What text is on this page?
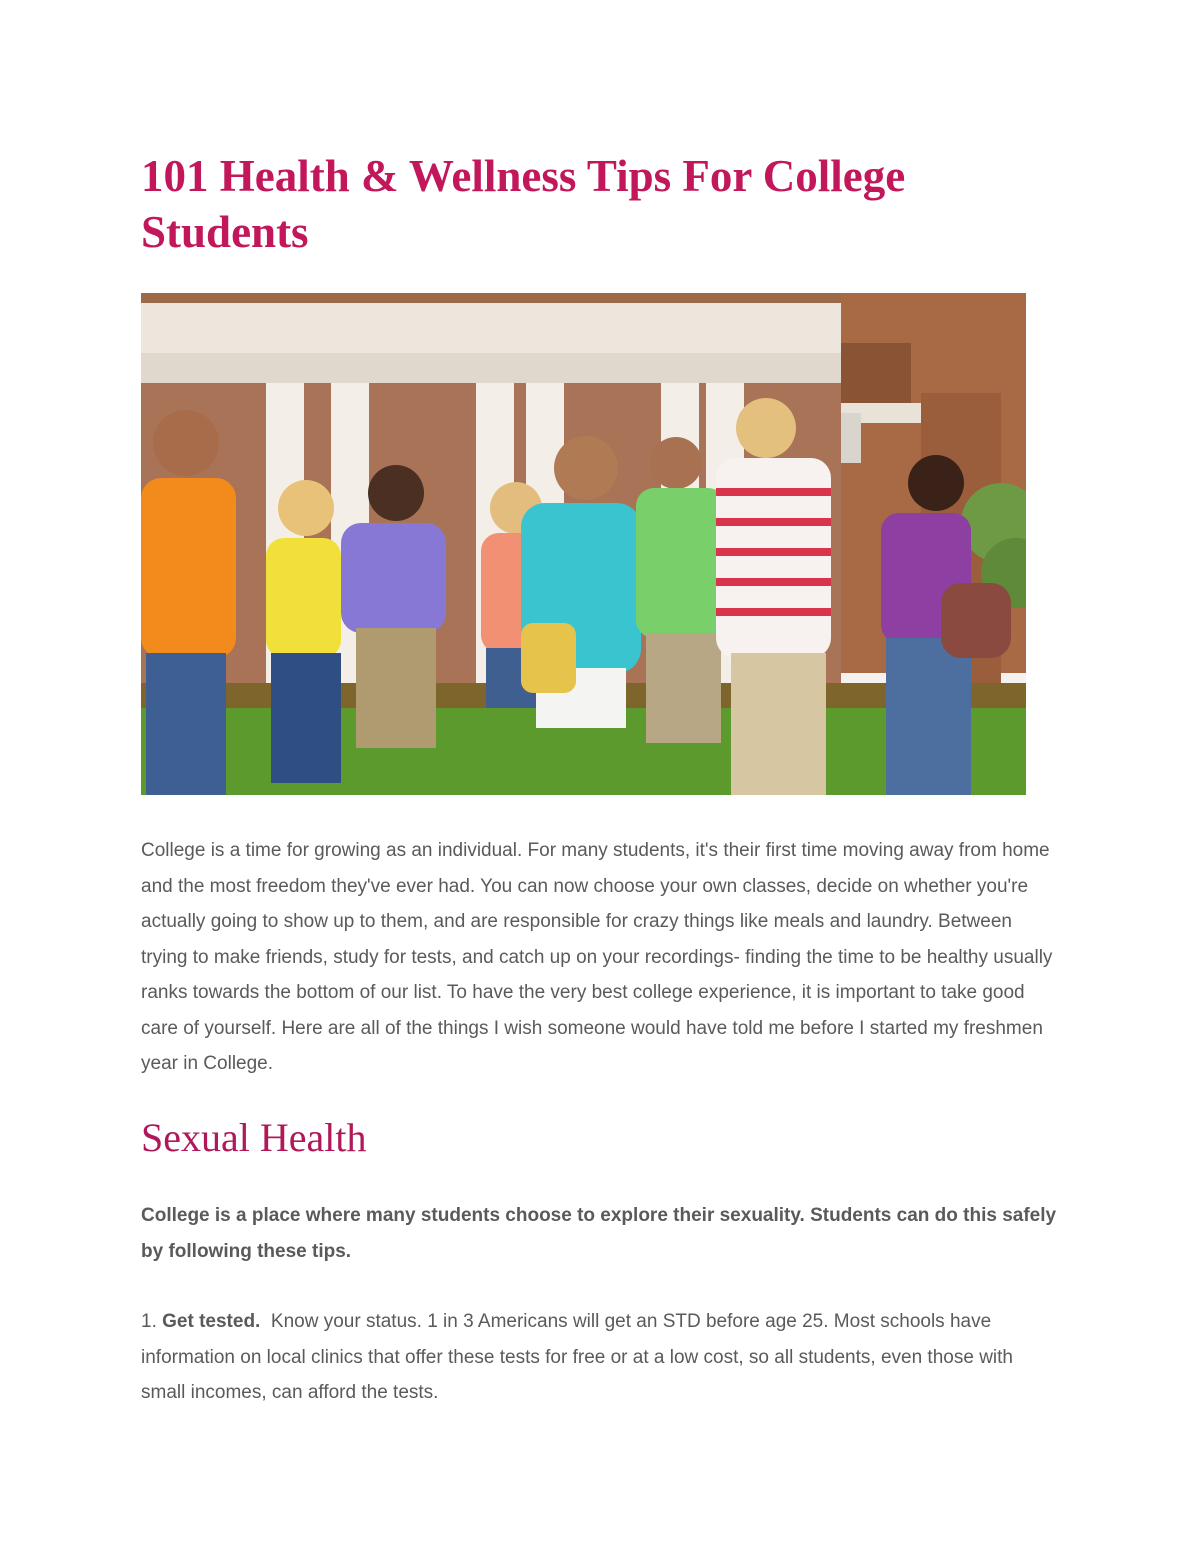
101 Health & Wellness Tips For College Students

College is a time for growing as an individual. For many students, it's their first time moving away from home and the most freedom they've ever had. You can now choose your own classes, decide on whether you're actually going to show up to them, and are responsible for crazy things like meals and laundry. Between trying to make friends, study for tests, and catch up on your recordings- finding the time to be healthy usually ranks towards the bottom of our list. To have the very best college experience, it is important to take good care of yourself. Here are all of the things I wish someone would have told me before I started my freshmen year in College.

Sexual Health

College is a place where many students choose to explore their sexuality. Students can do this safely by following these tips.

1. Get tested. Know your status. 1 in 3 Americans will get an STD before age 25. Most schools have information on local clinics that offer these tests for free or at a low cost, so all students, even those with small incomes, can afford the tests.
